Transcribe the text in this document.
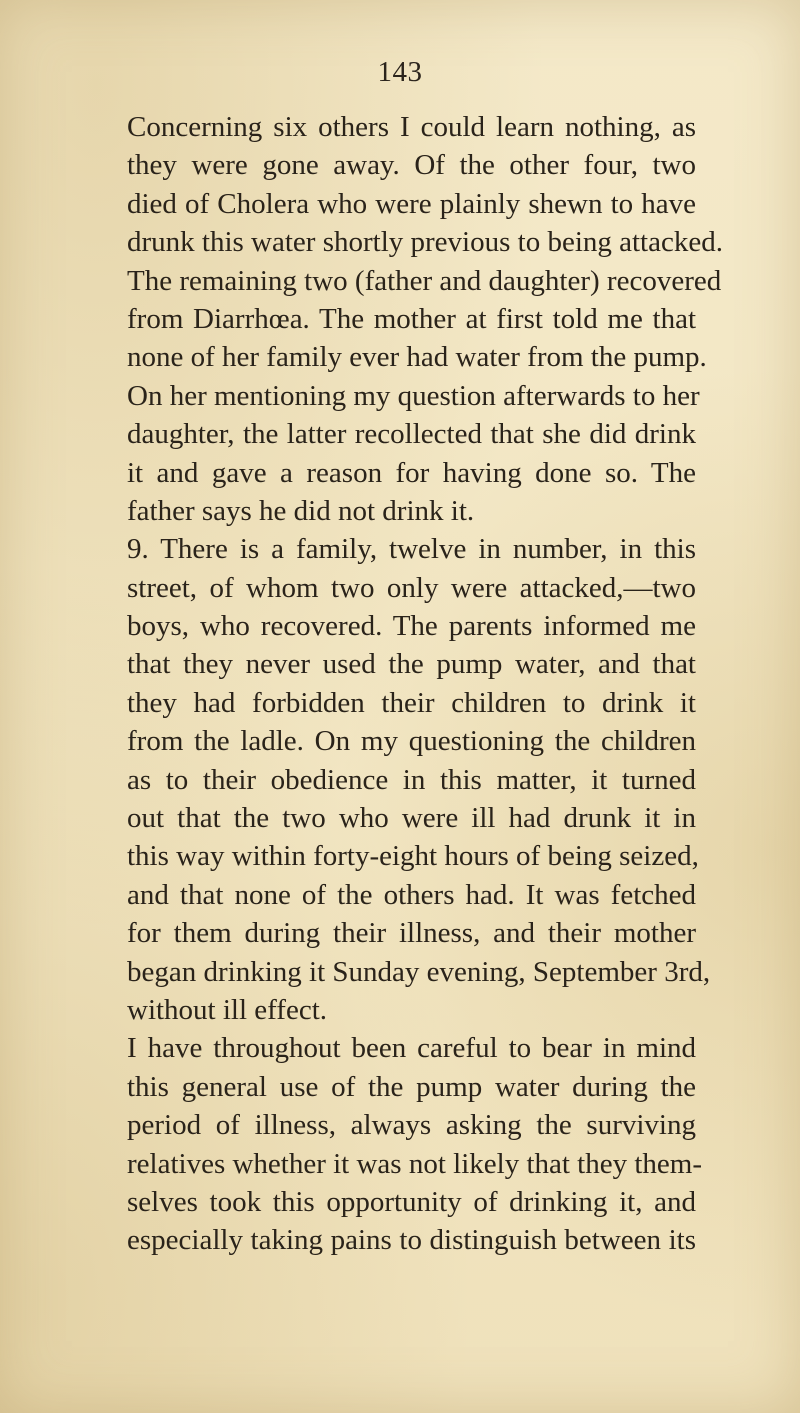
143
Concerning six others I could learn nothing, as
they were gone away. Of the other four, two
died of Cholera who were plainly shewn to have
drunk this water shortly previous to being attacked.
The remaining two (father and daughter) recovered
from Diarrhœa. The mother at first told me that
none of her family ever had water from the pump.
On her mentioning my question afterwards to her
daughter, the latter recollected that she did drink
it and gave a reason for having done so. The
father says he did not drink it.
9. There is a family, twelve in number, in this
street, of whom two only were attacked,—two
boys, who recovered. The parents informed me
that they never used the pump water, and that
they had forbidden their children to drink it
from the ladle. On my questioning the children
as to their obedience in this matter, it turned
out that the two who were ill had drunk it in
this way within forty-eight hours of being seized,
and that none of the others had. It was fetched
for them during their illness, and their mother
began drinking it Sunday evening, September 3rd,
without ill effect.
I have throughout been careful to bear in mind
this general use of the pump water during the
period of illness, always asking the surviving
relatives whether it was not likely that they them-
selves took this opportunity of drinking it, and
especially taking pains to distinguish between its
